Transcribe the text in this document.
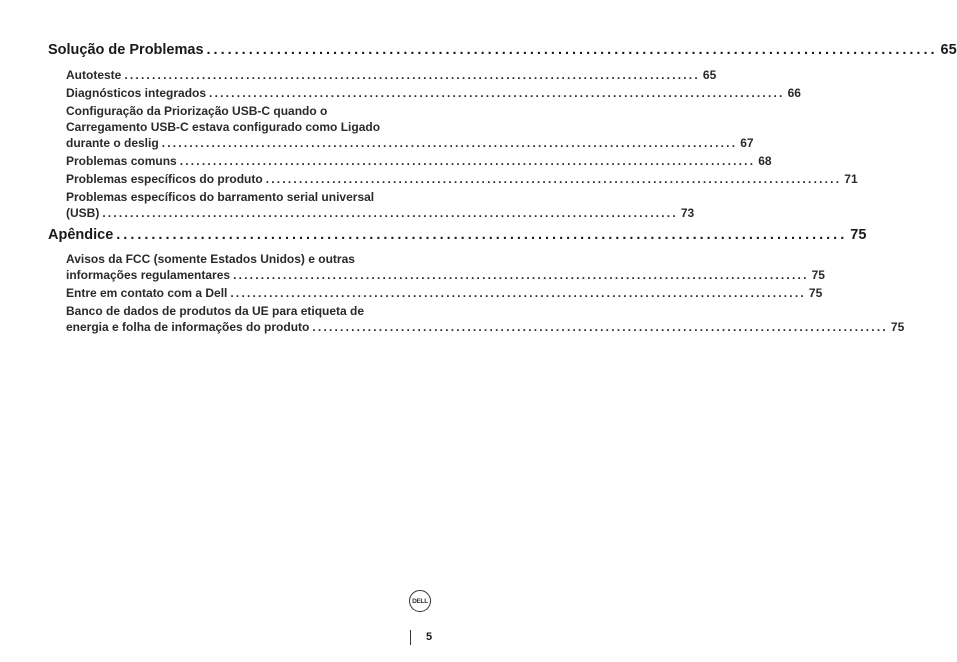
Solução de Problemas ........................................................................................................ 65
Autoteste ........................................................................................................ 65
Diagnósticos integrados ........................................................................................................ 66
Configuração da Priorização USB-C quando o
Carregamento USB-C estava configurado como Ligado
durante o deslig ........................................................................................................ 67
Problemas comuns ........................................................................................................ 68
Problemas específicos do produto ........................................................................................................ 71
Problemas específicos do barramento serial universal
(USB) ........................................................................................................ 73
Apêndice ........................................................................................................ 75
Avisos da FCC (somente Estados Unidos) e outras
informações regulamentares ........................................................................................................ 75
Entre em contato com a Dell ........................................................................................................ 75
Banco de dados de produtos da UE para etiqueta de
energia e folha de informações do produto ........................................................................................................ 75
DELL
5
